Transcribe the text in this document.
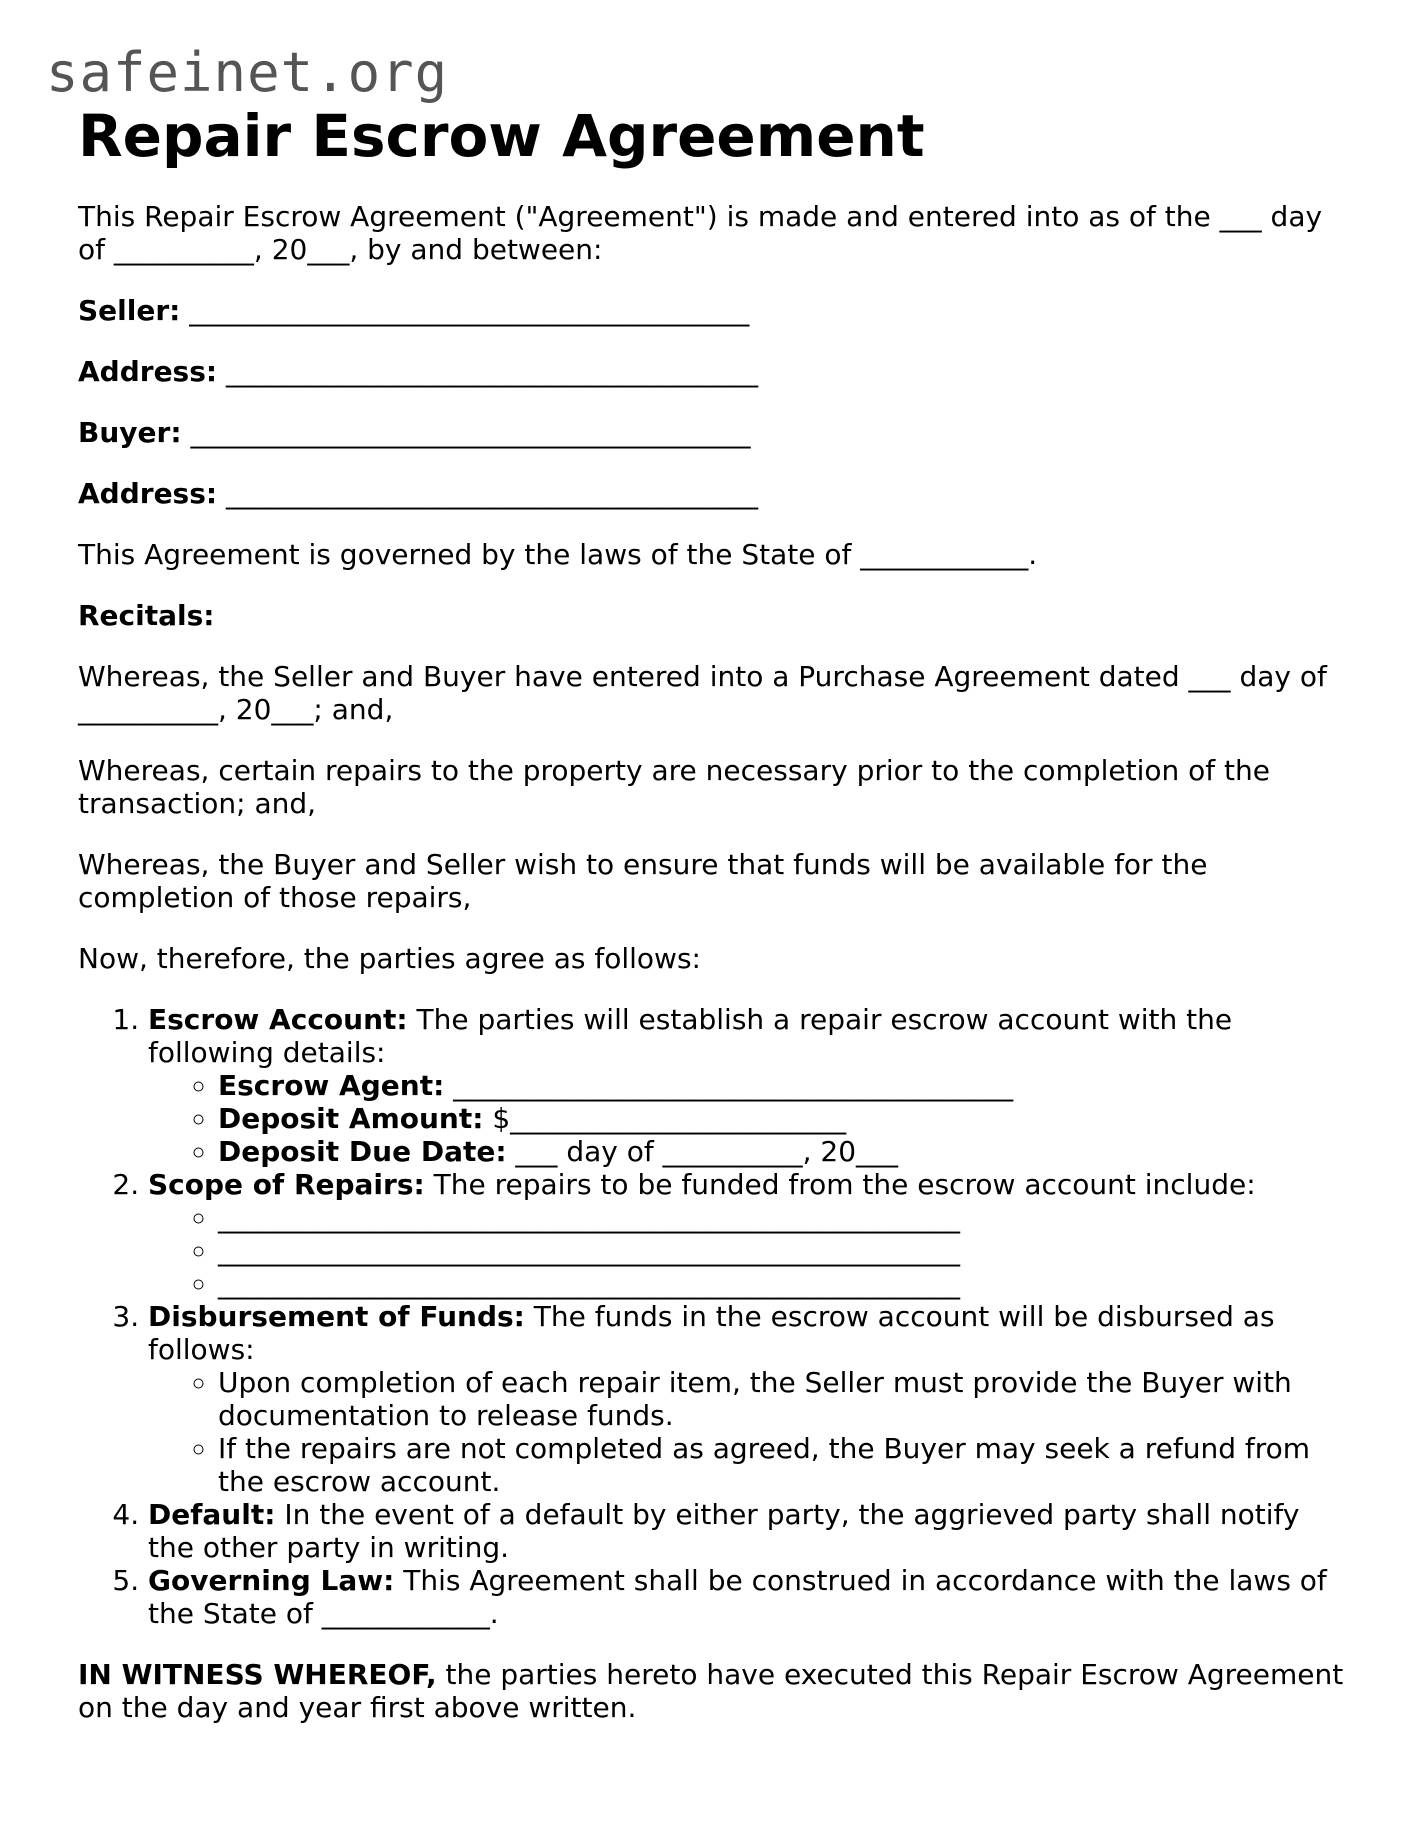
safeinet.org
Repair Escrow Agreement

This Repair Escrow Agreement ("Agreement") is made and entered into as of the ___ day of __________, 20___, by and between:

Seller: ________________________________________

Address: ______________________________________

Buyer: ________________________________________

Address: ______________________________________

This Agreement is governed by the laws of the State of ____________.

Recitals:

Whereas, the Seller and Buyer have entered into a Purchase Agreement dated ___ day of __________, 20___; and,

Whereas, certain repairs to the property are necessary prior to the completion of the transaction; and,

Whereas, the Buyer and Seller wish to ensure that funds will be available for the completion of those repairs,

Now, therefore, the parties agree as follows:

1. Escrow Account: The parties will establish a repair escrow account with the following details:
◦ Escrow Agent: ________________________________________
◦ Deposit Amount: $________________________
◦ Deposit Due Date: ___ day of __________, 20___
2. Scope of Repairs: The repairs to be funded from the escrow account include:
◦ _____________________________________________________
◦ _____________________________________________________
◦ _____________________________________________________
3. Disbursement of Funds: The funds in the escrow account will be disbursed as follows:
◦ Upon completion of each repair item, the Seller must provide the Buyer with documentation to release funds.
◦ If the repairs are not completed as agreed, the Buyer may seek a refund from the escrow account.
4. Default: In the event of a default by either party, the aggrieved party shall notify the other party in writing.
5. Governing Law: This Agreement shall be construed in accordance with the laws of the State of ____________.

IN WITNESS WHEREOF, the parties hereto have executed this Repair Escrow Agreement on the day and year first above written.
